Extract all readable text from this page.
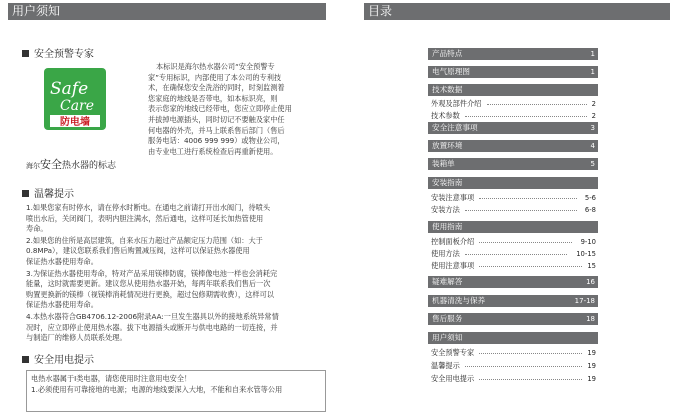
用户须知
安全预警专家
Safe
Care
防电墙
海尔安全热水器的标志
本标识是海尔热水器公司“安全预警专
家”专用标识，内部使用了本公司的专利技
术，在确保您安全洗浴的同时，时刻监测着
您家庭的地线是否带电，如本标识亮，则
表示您家的地线已经带电，您应立即停止使用
并拔掉电源插头，同时切记不要触及家中任
何电器的外壳，并马上联系售后部门（售后
服务电话：4006 999 999）或物业公司，
由专业电工进行系统检查后再重新使用。
温馨提示
1.如果您家有时停水，请在停水时断电。在通电之前请打开出水阀门，待喷头
喷出水后，关闭阀门，表明内胆注满水，然后通电，这样可延长加热管使用
寿命。
2.如果您的住所是高层建筑，自来水压力超过产品额定压力范围（如：大于
0.8MPa），建议您联系我们售后购置减压阀，这样可以保证热水器使用
保证热水器使用寿命。
3.为保证热水器使用寿命，特对产品采用镁棒防腐，镁棒像电池一样也会消耗完
能量，这时就需要更新。建议您从使用热水器开始，每两年联系我们售后一次
购置更换新的镁棒（视镁棒消耗情况进行更换，超过包修期需收费），这样可以
保证热水器使用寿命。
4.本热水器符合GB4706.12-2006附录AA:一旦发生器具以外的接地系统异常情
况时，应立即停止使用热水器。拔下电源插头或断开与供电电路的一切连接，并
与制造厂的维修人员联系处理。
安全用电提示
电热水器属于Ⅰ类电器，请您使用时注意用电安全！
1.必须使用有可靠接地的电源；电源的地线要深入大地，不能和自来水管等公用
目录
产品特点	1
电气原理图	1
技术数据
外观及部件介绍	2
技术参数	2
安全注意事项	3
放置环境	4
装箱单	5
安装指南
安装注意事项	5-6
安装方法	6-8
使用指南
控制面板介绍	9-10
使用方法	10-15
使用注意事项	15
疑难解答	16
机器清洗与保养	17-18
售后服务	18
用户须知
安全预警专家	19
温馨提示	19
安全用电提示	19
